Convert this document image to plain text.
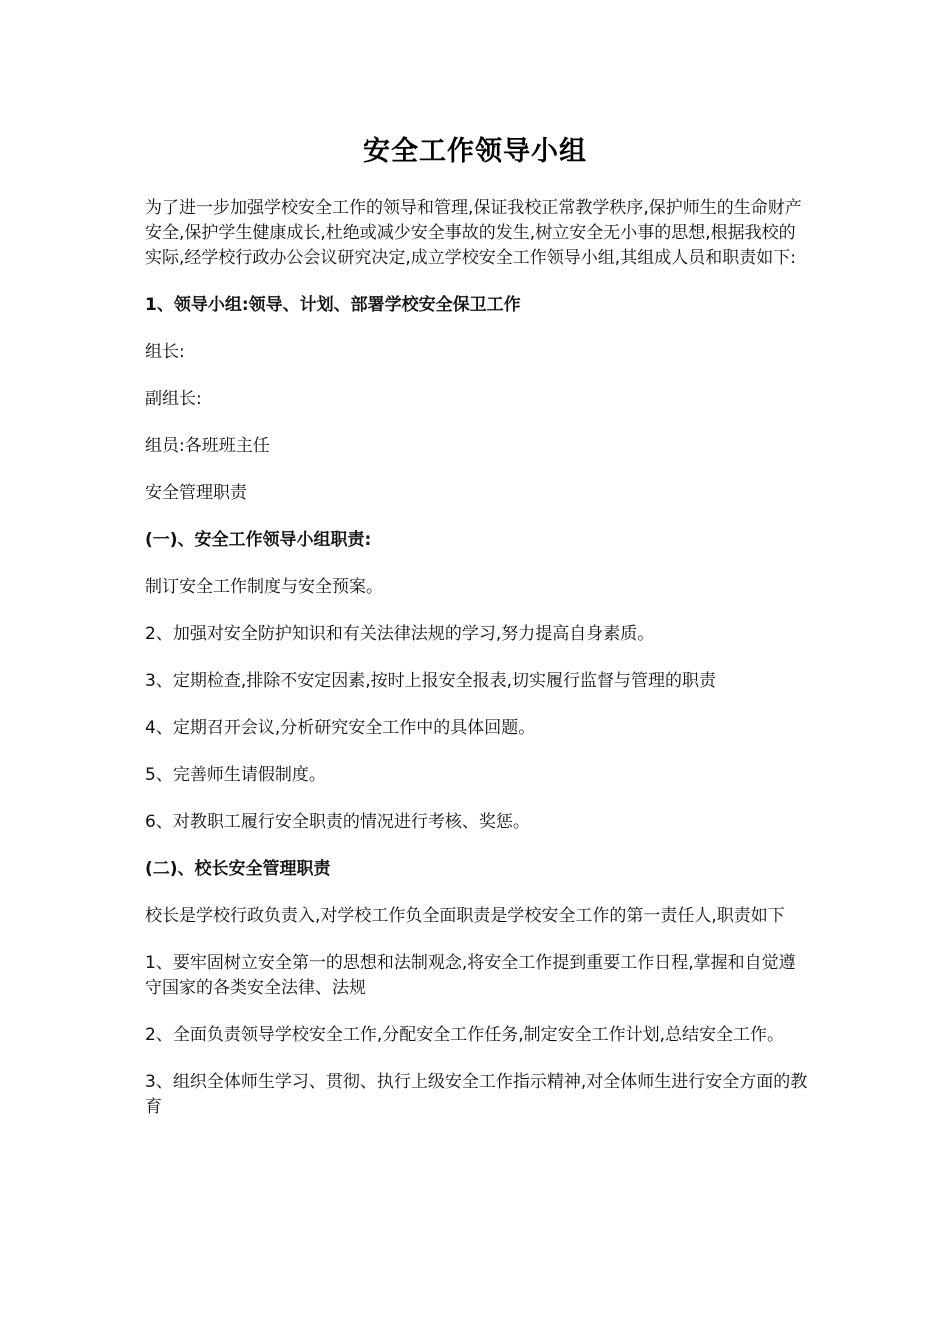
安全工作领导小组

为了进一步加强学校安全工作的领导和管理,保证我校正常教学秩序,保护师生的生命财产安全,保护学生健康成长,杜绝或减少安全事故的发生,树立安全无小事的思想,根据我校的实际,经学校行政办公会议研究决定,成立学校安全工作领导小组,其组成人员和职责如下:

1、领导小组:领导、计划、部署学校安全保卫工作

组长:

副组长:

组员:各班班主任

安全管理职责

(一)、安全工作领导小组职责:

制订安全工作制度与安全预案。

2、加强对安全防护知识和有关法律法规的学习,努力提高自身素质。

3、定期检查,排除不安定因素,按时上报安全报表,切实履行监督与管理的职责

4、定期召开会议,分析研究安全工作中的具体回题。

5、完善师生请假制度。

6、对教职工履行安全职责的情况进行考核、奖惩。

(二)、校长安全管理职责

校长是学校行政负责入,对学校工作负全面职责是学校安全工作的第一责任人,职责如下

1、要牢固树立安全第一的思想和法制观念,将安全工作提到重要工作日程,掌握和自觉遵守国家的各类安全法律、法规

2、全面负责领导学校安全工作,分配安全工作任务,制定安全工作计划,总结安全工作。

3、组织全体师生学习、贯彻、执行上级安全工作指示精神,对全体师生进行安全方面的教育
